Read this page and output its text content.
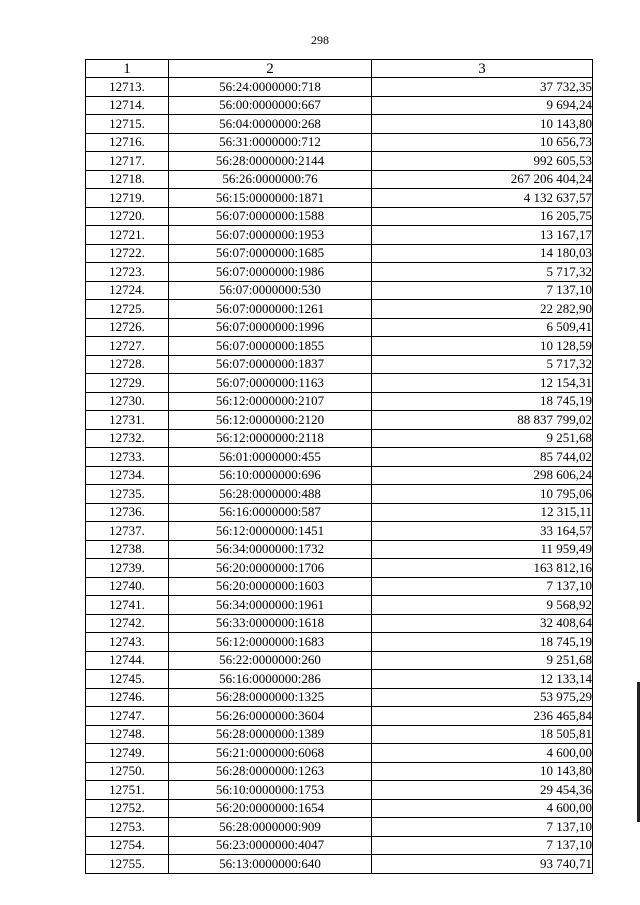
298
1	2	3
12713.	56:24:0000000:718	37 732,35
12714.	56:00:0000000:667	9 694,24
12715.	56:04:0000000:268	10 143,80
12716.	56:31:0000000:712	10 656,73
12717.	56:28:0000000:2144	992 605,53
12718.	56:26:0000000:76	267 206 404,24
12719.	56:15:0000000:1871	4 132 637,57
12720.	56:07:0000000:1588	16 205,75
12721.	56:07:0000000:1953	13 167,17
12722.	56:07:0000000:1685	14 180,03
12723.	56:07:0000000:1986	5 717,32
12724.	56:07:0000000:530	7 137,10
12725.	56:07:0000000:1261	22 282,90
12726.	56:07:0000000:1996	6 509,41
12727.	56:07:0000000:1855	10 128,59
12728.	56:07:0000000:1837	5 717,32
12729.	56:07:0000000:1163	12 154,31
12730.	56:12:0000000:2107	18 745,19
12731.	56:12:0000000:2120	88 837 799,02
12732.	56:12:0000000:2118	9 251,68
12733.	56:01:0000000:455	85 744,02
12734.	56:10:0000000:696	298 606,24
12735.	56:28:0000000:488	10 795,06
12736.	56:16:0000000:587	12 315,11
12737.	56:12:0000000:1451	33 164,57
12738.	56:34:0000000:1732	11 959,49
12739.	56:20:0000000:1706	163 812,16
12740.	56:20:0000000:1603	7 137,10
12741.	56:34:0000000:1961	9 568,92
12742.	56:33:0000000:1618	32 408,64
12743.	56:12:0000000:1683	18 745,19
12744.	56:22:0000000:260	9 251,68
12745.	56:16:0000000:286	12 133,14
12746.	56:28:0000000:1325	53 975,29
12747.	56:26:0000000:3604	236 465,84
12748.	56:28:0000000:1389	18 505,81
12749.	56:21:0000000:6068	4 600,00
12750.	56:28:0000000:1263	10 143,80
12751.	56:10:0000000:1753	29 454,36
12752.	56:20:0000000:1654	4 600,00
12753.	56:28:0000000:909	7 137,10
12754.	56:23:0000000:4047	7 137,10
12755.	56:13:0000000:640	93 740,71
